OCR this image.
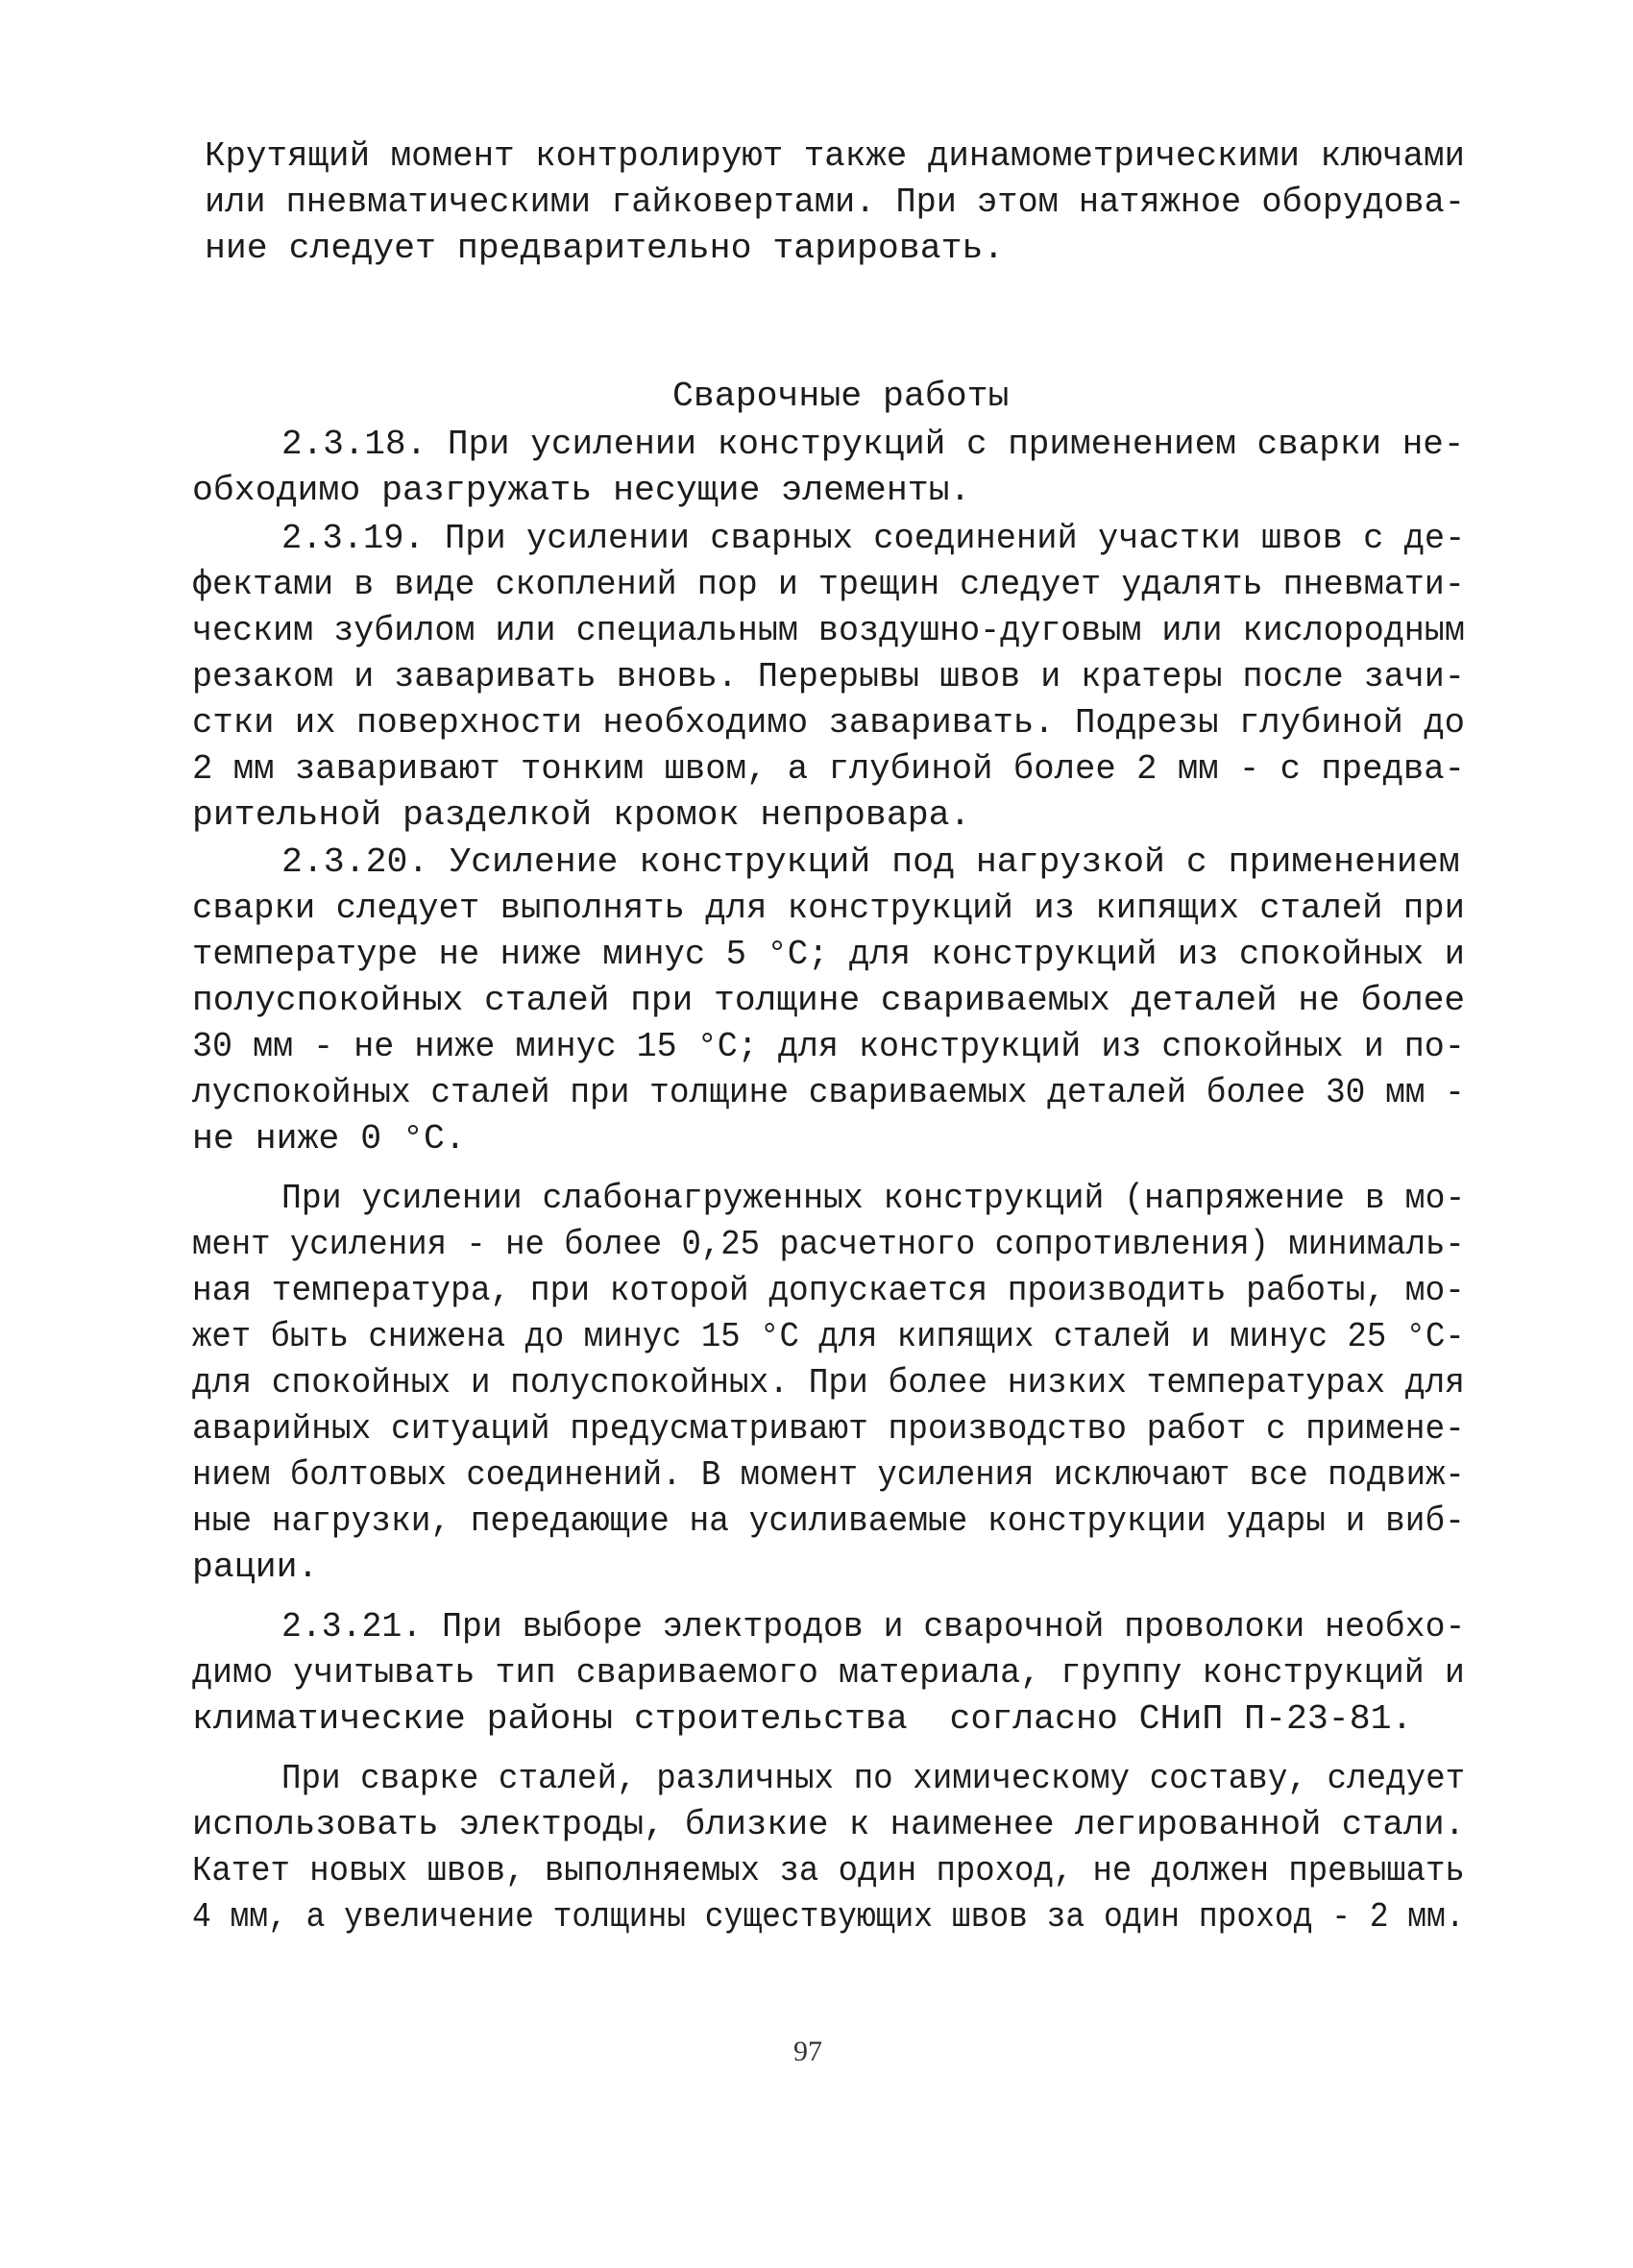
Крутящий момент контролируют также динамометрическими ключами
или пневматическими гайковертами. При этом натяжное оборудова-
ние следует предварительно тарировать.
Сварочные работы
2.3.18. При усилении конструкций с применением сварки не-
обходимо разгружать несущие элементы.
2.3.19. При усилении сварных соединений участки швов с де-
фектами в виде скоплений пор и трещин следует удалять пневмати-
ческим зубилом или специальным воздушно-дуговым или кислородным
резаком и заваривать вновь. Перерывы швов и кратеры после зачи-
стки их поверхности необходимо заваривать. Подрезы глубиной до
2 мм заваривают тонким швом, а глубиной более 2 мм - с предва-
рительной разделкой кромок непровара.
2.3.20. Усиление конструкций под нагрузкой с применением
сварки следует выполнять для конструкций из кипящих сталей при
температуре не ниже минус 5 °С; для конструкций из спокойных и
полуспокойных сталей при толщине свариваемых деталей не более
30 мм - не ниже минус 15 °С; для конструкций из спокойных и по-
луспокойных сталей при толщине свариваемых деталей более 30 мм -
не ниже 0 °С.
При усилении слабонагруженных конструкций (напряжение в мо-
мент усиления - не более 0,25 расчетного сопротивления) минималь-
ная температура, при которой допускается производить работы, мо-
жет быть снижена до минус 15 °С для кипящих сталей и минус 25 °С-
для спокойных и полуспокойных. При более низких температурах для
аварийных ситуаций предусматривают производство работ с примене-
нием болтовых соединений. В момент усиления исключают все подвиж-
ные нагрузки, передающие на усиливаемые конструкции удары и виб-
рации.
2.3.21. При выборе электродов и сварочной проволоки необхо-
димо учитывать тип свариваемого материала, группу конструкций и
климатические районы строительства  согласно СНиП П-23-81.
При сварке сталей, различных по химическому составу, следует
использовать электроды, близкие к наименее легированной стали.
Катет новых швов, выполняемых за один проход, не должен превышать
4 мм, а увеличение толщины существующих швов за один проход - 2 мм.
97
